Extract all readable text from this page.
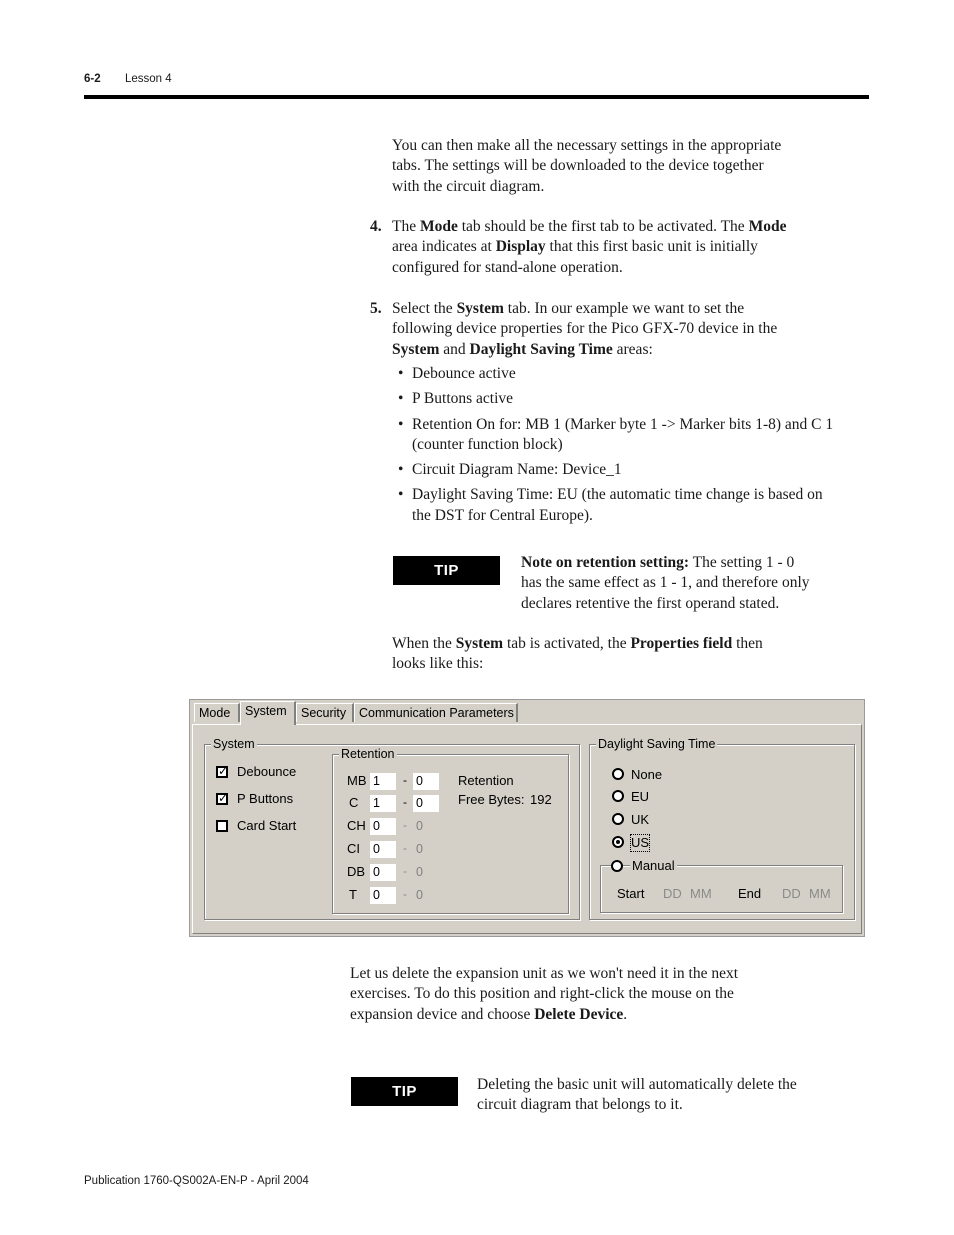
6-2 Lesson 4
You can then make all the necessary settings in the appropriate
tabs. The settings will be downloaded to the device together
with the circuit diagram.
4. The Mode tab should be the first tab to be activated. The Mode
area indicates at Display that this first basic unit is initially
configured for stand-alone operation.
5. Select the System tab. In our example we want to set the
following device properties for the Pico GFX-70 device in the
System and Daylight Saving Time areas:
• Debounce active
• P Buttons active
• Retention On for: MB 1 (Marker byte 1 -> Marker bits 1-8) and C 1 (counter function block)
• Circuit Diagram Name: Device_1
• Daylight Saving Time: EU (the automatic time change is based on the DST for Central Europe).
TIP	Note on retention setting: The setting 1 - 0
has the same effect as 1 - 1, and therefore only
declares retentive the first operand stated.
When the System tab is activated, the Properties field then
looks like this:
Mode	System	Security	Communication Parameters
System
✓ Debounce
✓ P Buttons
Card Start
Retention
MB 1	- 0
C 1	- 0
CH 0	- 0
CI 0	- 0
DB 0	- 0
T 0	- 0
Retention
Free Bytes: 192
Daylight Saving Time
None
EU
UK
US
Manual
Start DD MM End DD MM
Let us delete the expansion unit as we won't need it in the next
exercises. To do this position and right-click the mouse on the
expansion device and choose Delete Device.
TIP	Deleting the basic unit will automatically delete the
circuit diagram that belongs to it.
Publication 1760-QS002A-EN-P - April 2004
